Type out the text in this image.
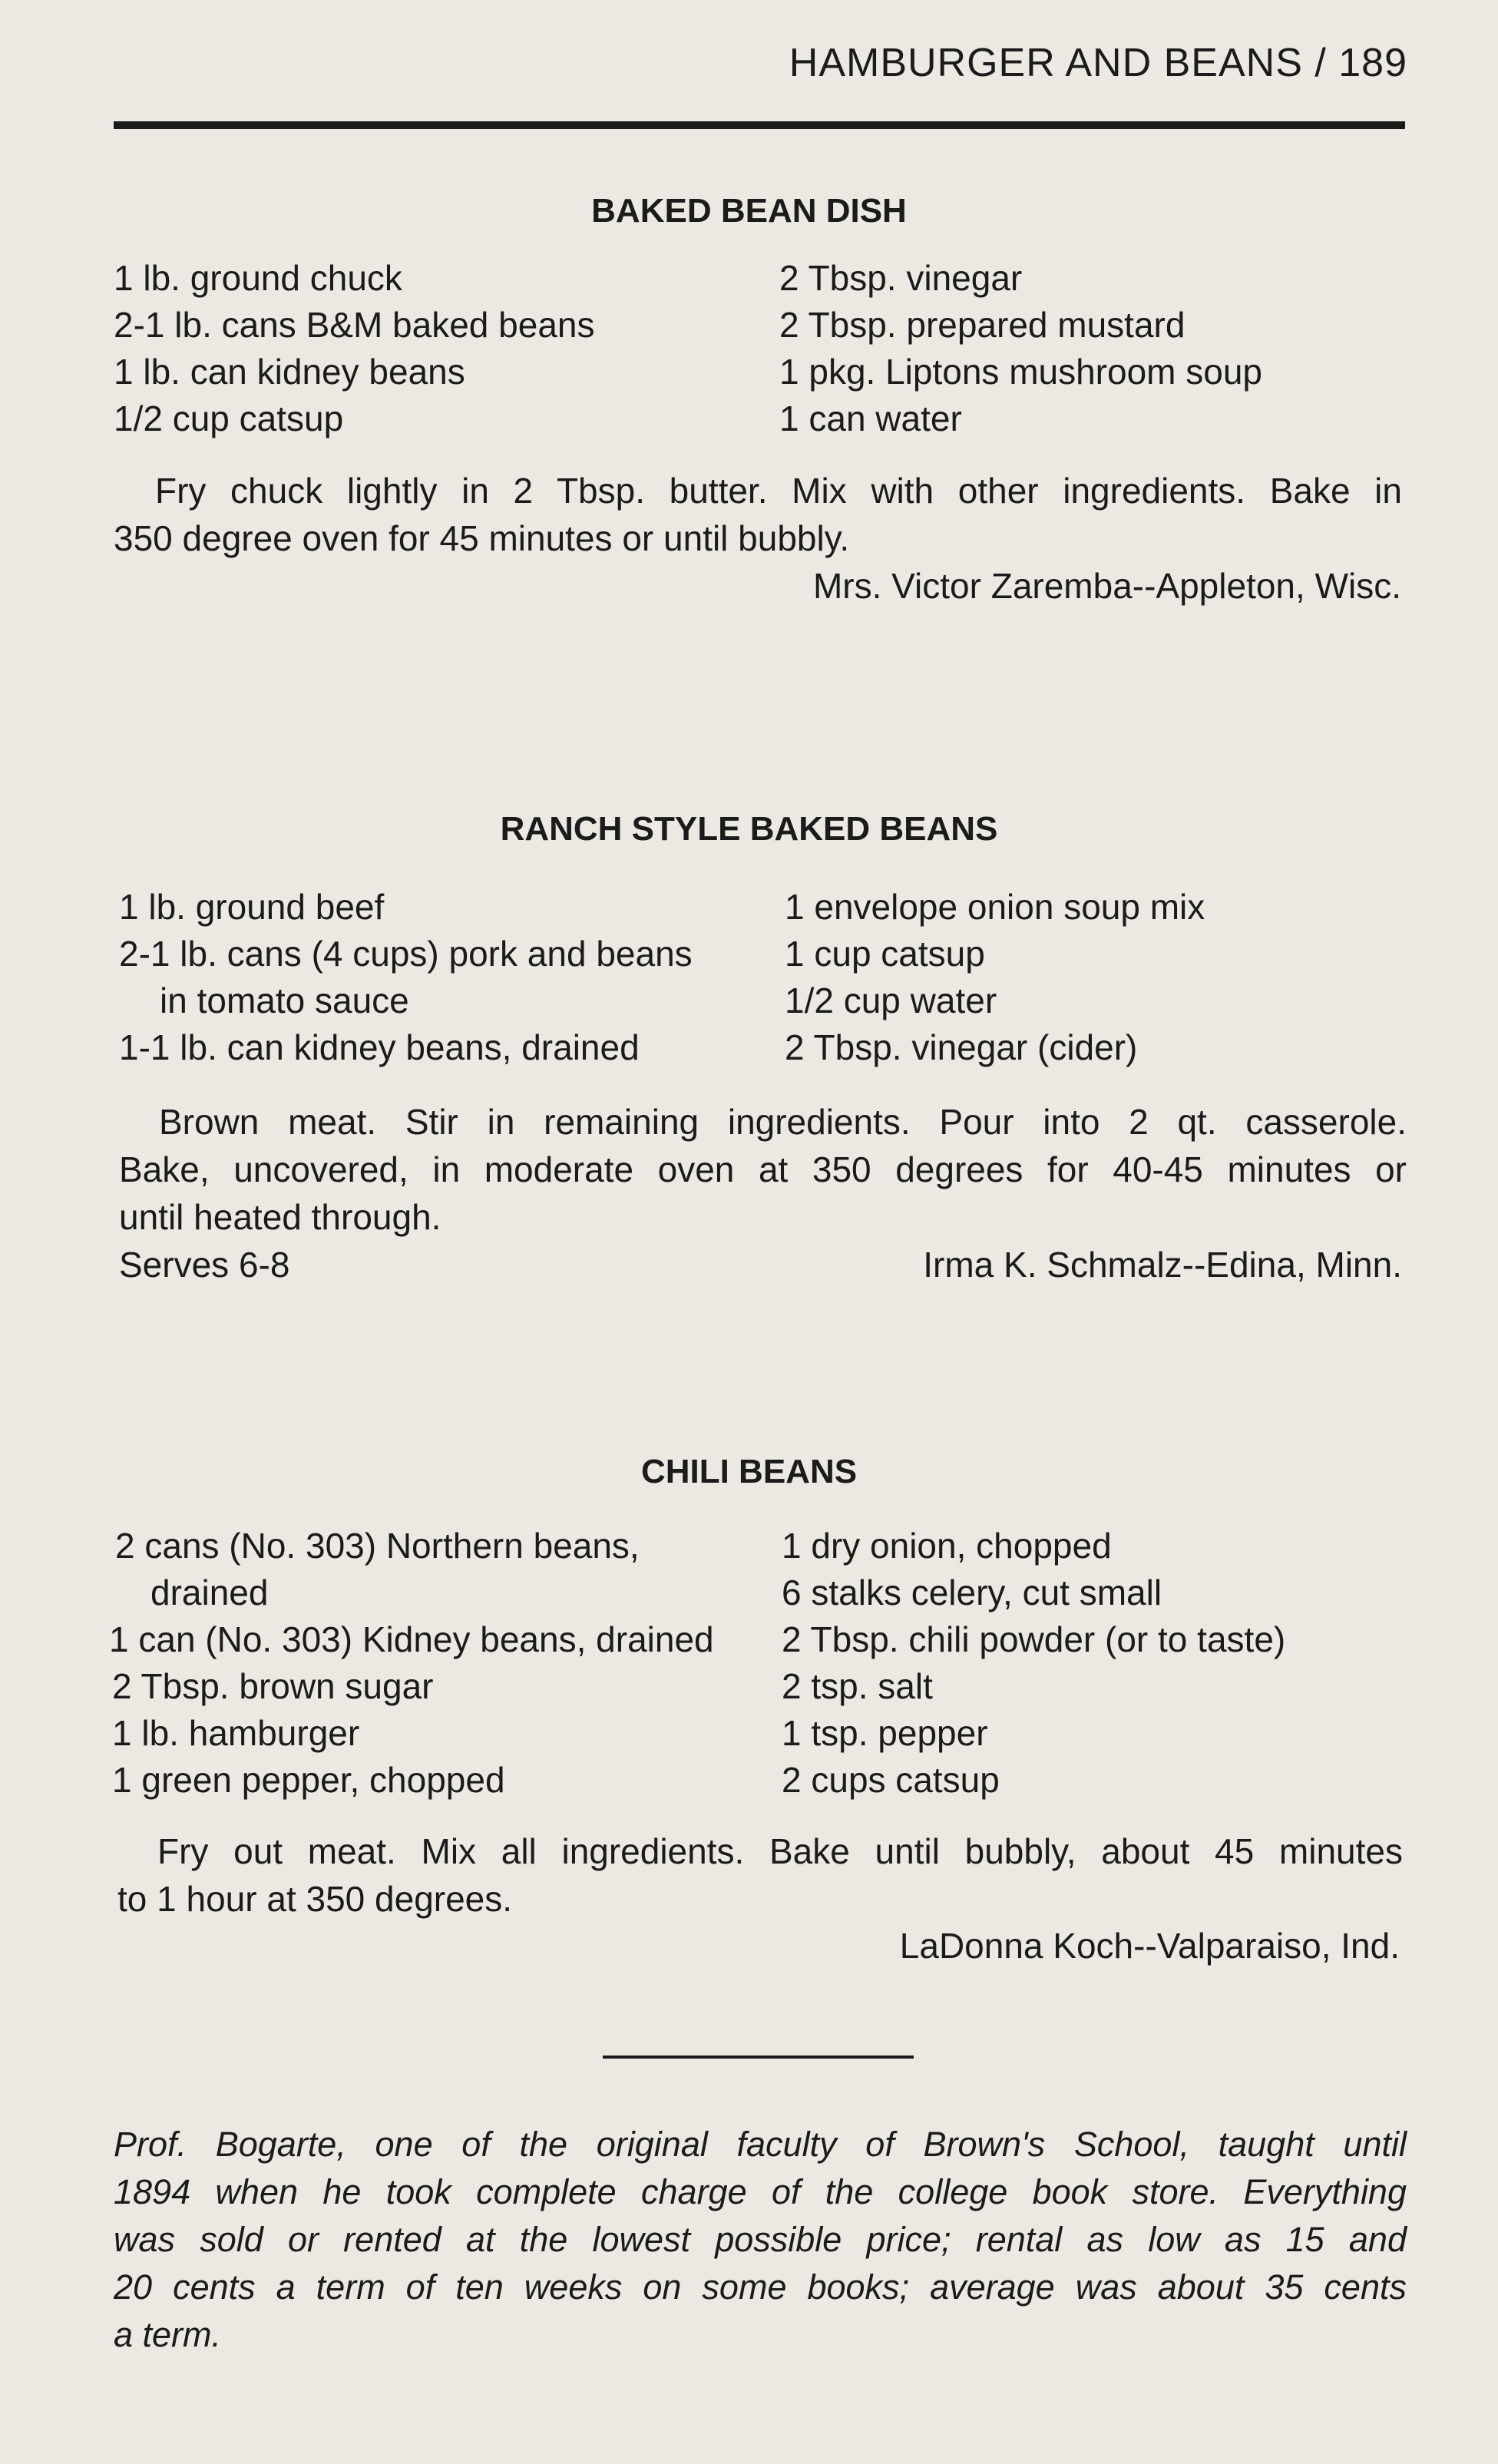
HAMBURGER AND BEANS / 189
BAKED BEAN DISH
1 lb. ground chuck
2-1 lb. cans B&M baked beans
1 lb. can kidney beans
1/2 cup catsup
2 Tbsp. vinegar
2 Tbsp. prepared mustard
1 pkg. Liptons mushroom soup
1 can water
Fry chuck lightly in 2 Tbsp. butter. Mix with other ingredients. Bake in
350 degree oven for 45 minutes or until bubbly.
Mrs. Victor Zaremba--Appleton, Wisc.
RANCH STYLE BAKED BEANS
1 lb. ground beef
2-1 lb. cans (4 cups) pork and beans
in tomato sauce
1-1 lb. can kidney beans, drained
1 envelope onion soup mix
1 cup catsup
1/2 cup water
2 Tbsp. vinegar (cider)
Brown meat. Stir in remaining ingredients. Pour into 2 qt. casserole.
Bake, uncovered, in moderate oven at 350 degrees for 40-45 minutes or
until heated through.
Serves 6-8	Irma K. Schmalz--Edina, Minn.
CHILI BEANS
2 cans (No. 303) Northern beans,
drained
1 can (No. 303) Kidney beans, drained
2 Tbsp. brown sugar
1 lb. hamburger
1 green pepper, chopped
1 dry onion, chopped
6 stalks celery, cut small
2 Tbsp. chili powder (or to taste)
2 tsp. salt
1 tsp. pepper
2 cups catsup
Fry out meat. Mix all ingredients. Bake until bubbly, about 45 minutes
to 1 hour at 350 degrees.
LaDonna Koch--Valparaiso, Ind.
Prof. Bogarte, one of the original faculty of Brown's School, taught until
1894 when he took complete charge of the college book store. Everything
was sold or rented at the lowest possible price; rental as low as 15 and
20 cents a term of ten weeks on some books; average was about 35 cents
a term.
